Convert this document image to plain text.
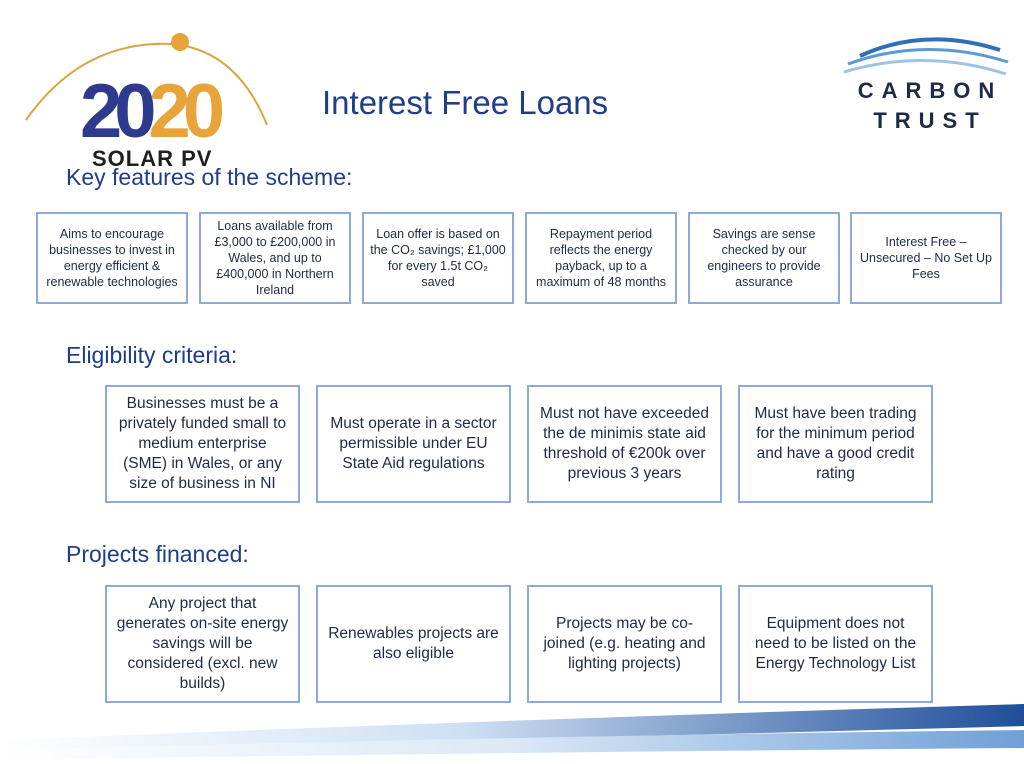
2020
SOLAR PV
Interest Free Loans	CARBON
TRUST
Key features of the scheme:
Aims to encourage businesses to invest in energy efficient & renewable technologies
Loans available from £3,000 to £200,000 in Wales, and up to £400,000 in Northern Ireland
Loan offer is based on the CO₂ savings; £1,000 for every 1.5t CO₂ saved
Repayment period reflects the energy payback, up to a maximum of 48 months
Savings are sense checked by our engineers to provide assurance
Interest Free – Unsecured – No Set Up Fees
Eligibility criteria:
Businesses must be a privately funded small to medium enterprise (SME) in Wales, or any size of business in NI
Must operate in a sector permissible under EU State Aid regulations
Must not have exceeded the de minimis state aid threshold of €200k over previous 3 years
Must have been trading for the minimum period and have a good credit rating
Projects financed:
Any project that generates on-site energy savings will be considered (excl. new builds)
Renewables projects are also eligible
Projects may be co-joined (e.g. heating and lighting projects)
Equipment does not need to be listed on the Energy Technology List
